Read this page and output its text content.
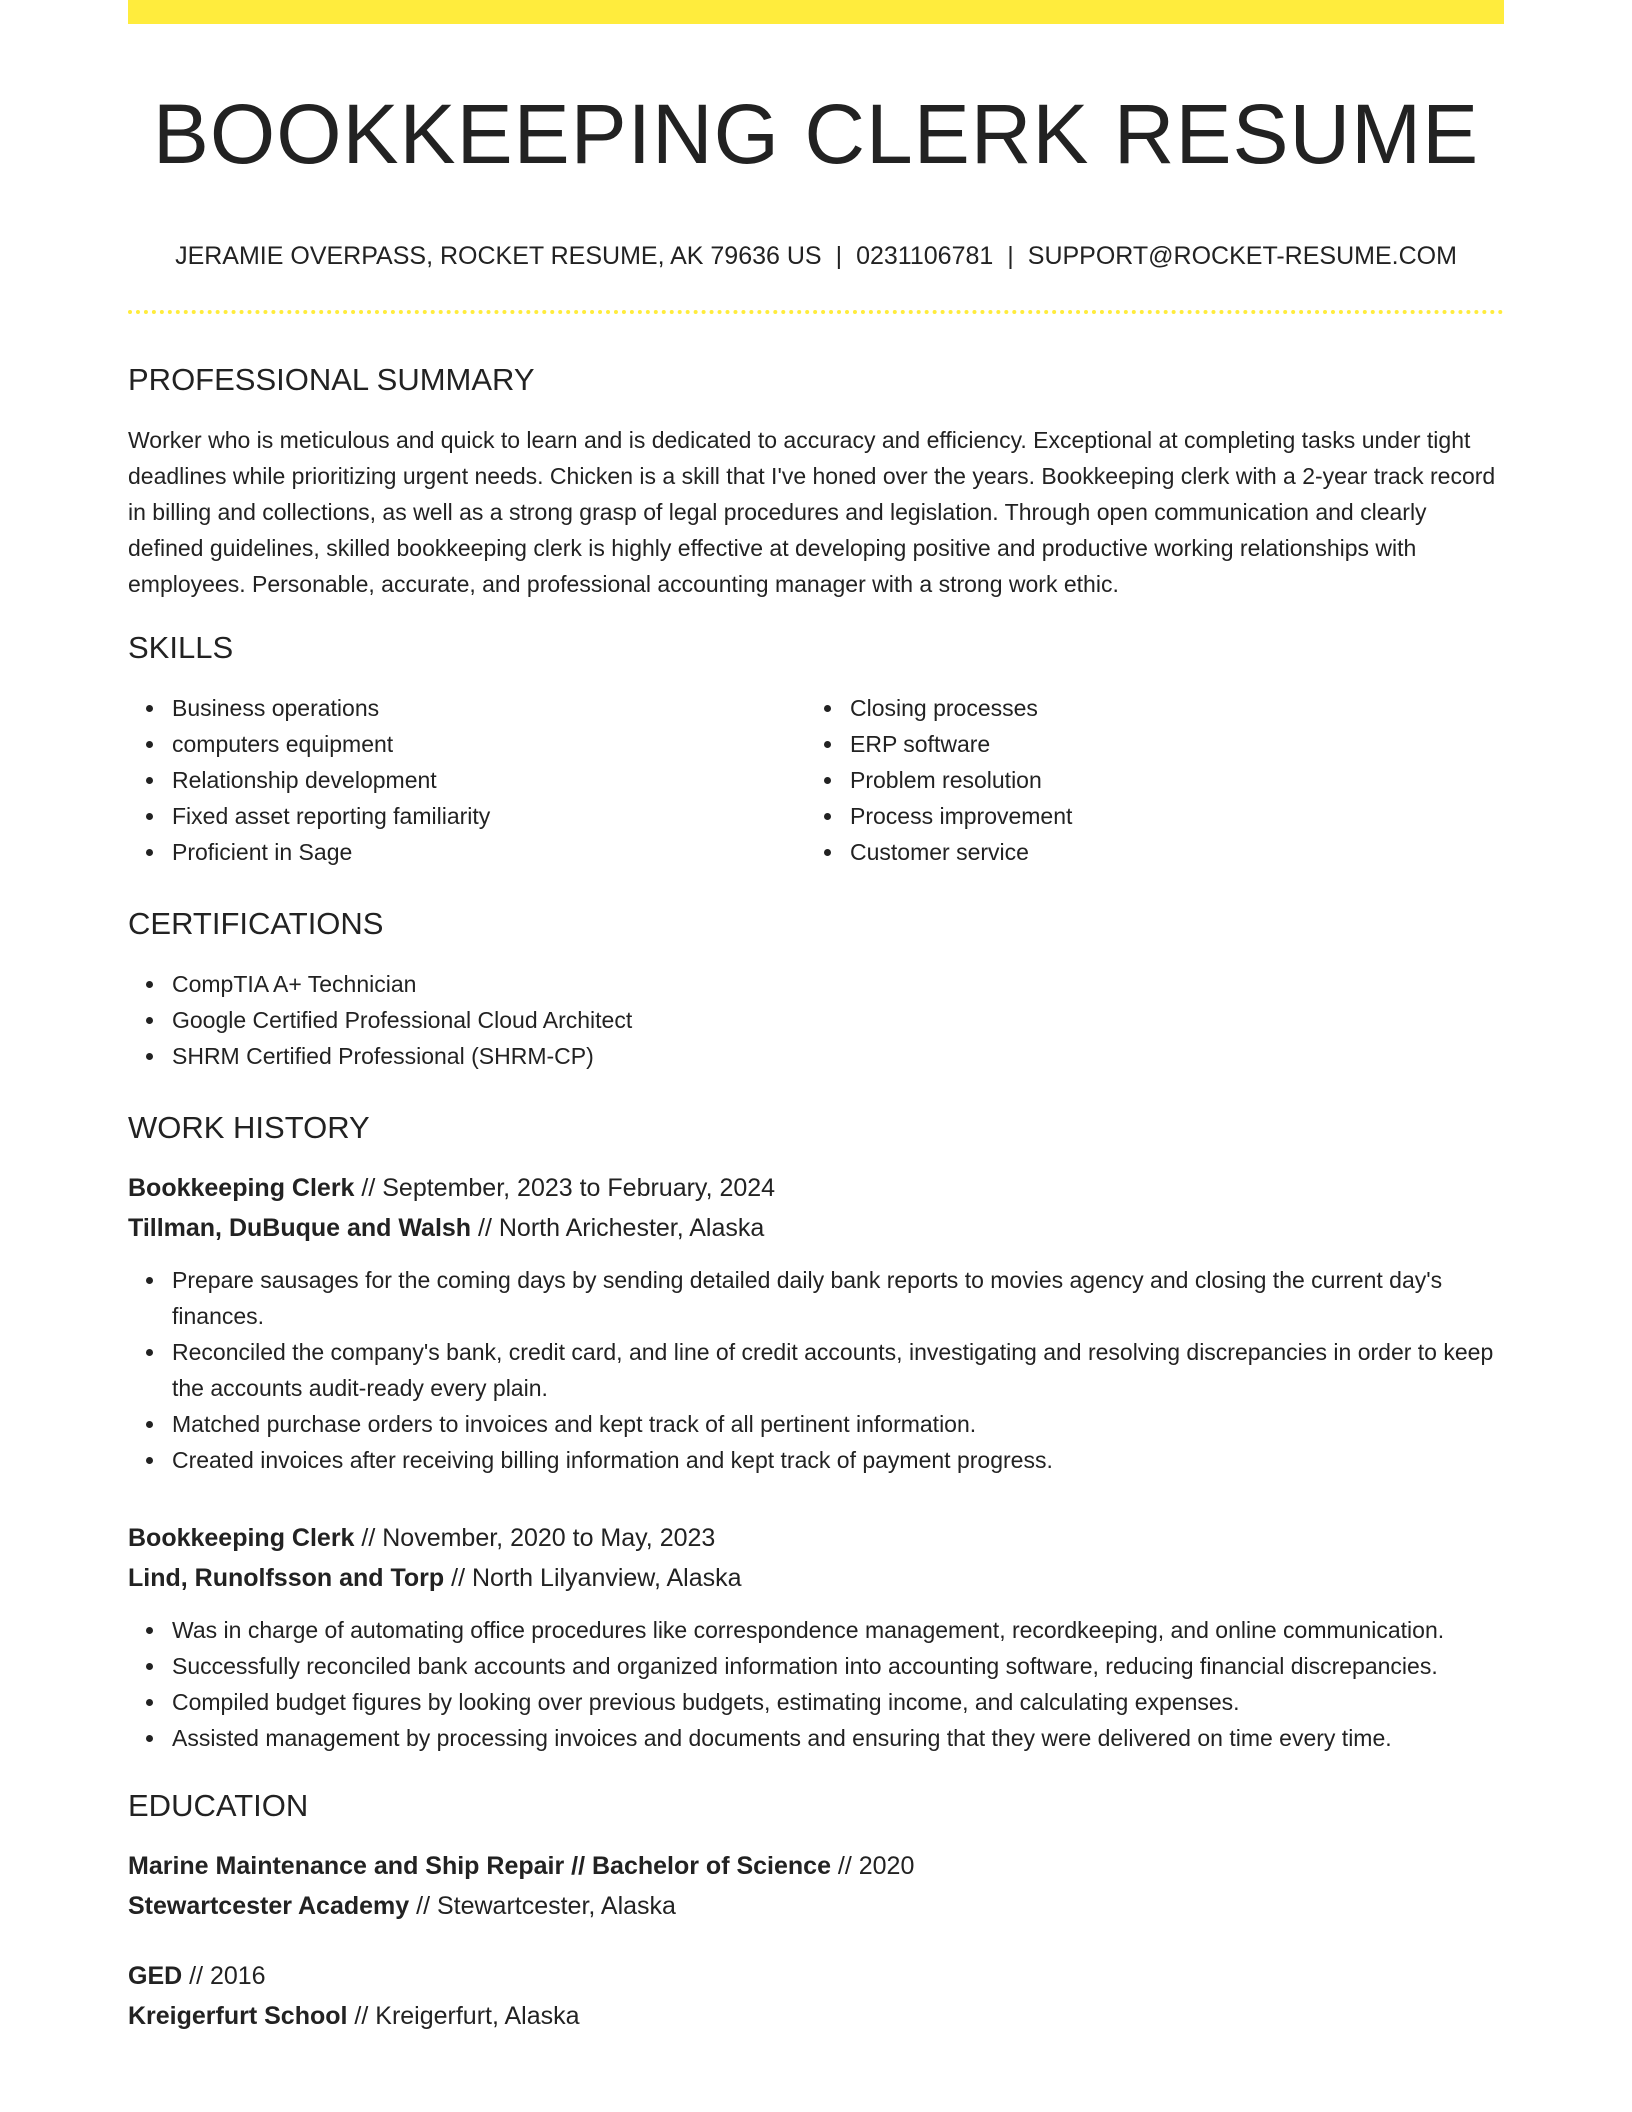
BOOKKEEPING CLERK RESUME
JERAMIE OVERPASS, ROCKET RESUME, AK 79636 US | 0231106781 | SUPPORT@ROCKET-RESUME.COM
PROFESSIONAL SUMMARY

Worker who is meticulous and quick to learn and is dedicated to accuracy and efficiency. Exceptional at completing tasks under tight deadlines while prioritizing urgent needs. Chicken is a skill that I've honed over the years. Bookkeeping clerk with a 2-year track record in billing and collections, as well as a strong grasp of legal procedures and legislation. Through open communication and clearly defined guidelines, skilled bookkeeping clerk is highly effective at developing positive and productive working relationships with employees. Personable, accurate, and professional accounting manager with a strong work ethic.

SKILLS
Business operations
computers equipment
Relationship development
Fixed asset reporting familiarity
Proficient in Sage
Closing processes
ERP software
Problem resolution
Process improvement
Customer service
CERTIFICATIONS
CompTIA A+ Technician
Google Certified Professional Cloud Architect
SHRM Certified Professional (SHRM-CP)
WORK HISTORY
Bookkeeping Clerk // September, 2023 to February, 2024
Tillman, DuBuque and Walsh // North Arichester, Alaska
Prepare sausages for the coming days by sending detailed daily bank reports to movies agency and closing the current day's finances.
Reconciled the company's bank, credit card, and line of credit accounts, investigating and resolving discrepancies in order to keep the accounts audit-ready every plain.
Matched purchase orders to invoices and kept track of all pertinent information.
Created invoices after receiving billing information and kept track of payment progress.
Bookkeeping Clerk // November, 2020 to May, 2023
Lind, Runolfsson and Torp // North Lilyanview, Alaska
Was in charge of automating office procedures like correspondence management, recordkeeping, and online communication.
Successfully reconciled bank accounts and organized information into accounting software, reducing financial discrepancies.
Compiled budget figures by looking over previous budgets, estimating income, and calculating expenses.
Assisted management by processing invoices and documents and ensuring that they were delivered on time every time.
EDUCATION
Marine Maintenance and Ship Repair // Bachelor of Science // 2020
Stewartcester Academy // Stewartcester, Alaska
GED // 2016
Kreigerfurt School // Kreigerfurt, Alaska
